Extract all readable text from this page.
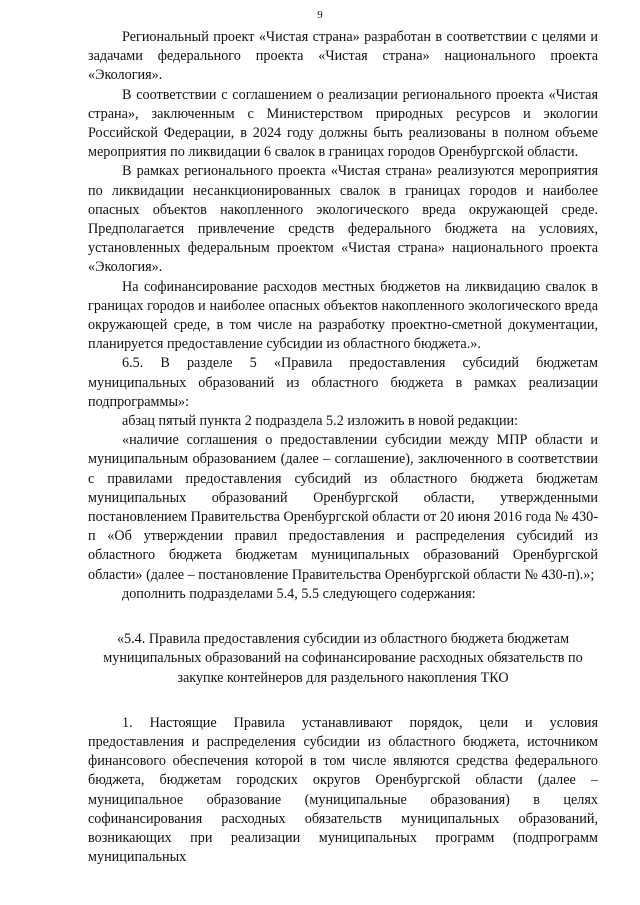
9

Региональный проект «Чистая страна» разработан в соответствии с целями и задачами федерального проекта «Чистая страна» национального проекта «Экология».

В соответствии с соглашением о реализации регионального проекта «Чистая страна», заключенным с Министерством природных ресурсов и экологии Российской Федерации, в 2024 году должны быть реализованы в полном объеме мероприятия по ликвидации 6 свалок в границах городов Оренбургской области.

В рамках регионального проекта «Чистая страна» реализуются мероприятия по ликвидации несанкционированных свалок в границах городов и наиболее опасных объектов накопленного экологического вреда окружающей среде. Предполагается привлечение средств федерального бюджета на условиях, установленных федеральным проектом «Чистая страна» национального проекта «Экология».

На софинансирование расходов местных бюджетов на ликвидацию свалок в границах городов и наиболее опасных объектов накопленного экологического вреда окружающей среде, в том числе на разработку проектно-сметной документации, планируется предоставление субсидии из областного бюджета.».

6.5. В разделе 5 «Правила предоставления субсидий бюджетам муниципальных образований из областного бюджета в рамках реализации подпрограммы»:

абзац пятый пункта 2 подраздела 5.2 изложить в новой редакции:

«наличие соглашения о предоставлении субсидии между МПР области и муниципальным образованием (далее – соглашение), заключенного в соответствии с правилами предоставления субсидий из областного бюджета бюджетам муниципальных образований Оренбургской области, утвержденными постановлением Правительства Оренбургской области от 20 июня 2016 года № 430-п «Об утверждении правил предоставления и распределения субсидий из областного бюджета бюджетам муниципальных образований Оренбургской области» (далее – постановление Правительства Оренбургской области № 430-п).»;

дополнить подразделами 5.4, 5.5 следующего содержания:

«5.4. Правила предоставления субсидии из областного бюджета бюджетам муниципальных образований на софинансирование расходных обязательств по закупке контейнеров для раздельного накопления ТКО

1. Настоящие Правила устанавливают порядок, цели и условия предоставления и распределения субсидии из областного бюджета, источником финансового обеспечения которой в том числе являются средства федерального бюджета, бюджетам городских округов Оренбургской области (далее – муниципальное образование (муниципальные образования) в целях софинансирования расходных обязательств муниципальных образований, возникающих при реализации муниципальных программ (подпрограмм муниципальных
